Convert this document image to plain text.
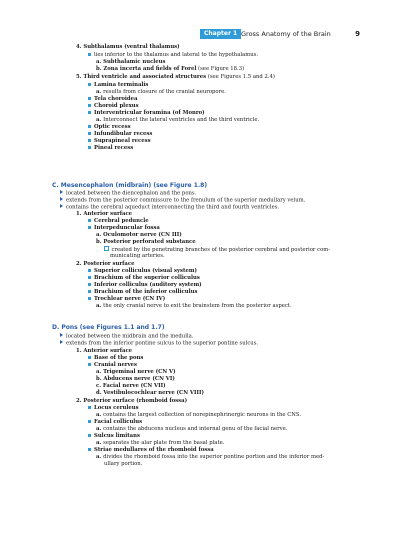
Chapter 1 Gross Anatomy of the Brain	9
4. Subthalamus (ventral thalamus)
lies inferior to the thalamus and lateral to the hypothalamus.
a. Subthalamic nucleus
b. Zona incerta and fields of Forel (see Figure 18.3)
5. Third ventricle and associated structures (see Figures 1.5 and 2.4)
Lamina terminalis
a. results from closure of the cranial neuropore.
Tela choroidea
Choroid plexus
Interventricular foramina (of Monro)
a. Interconnect the lateral ventricles and the third ventricle.
Optic recess
Infundibular recess
Suprapineal recess
Pineal recess
C. Mesencephalon (midbrain) (see Figure 1.8)
located between the diencephalon and the pons.
extends from the posterior commissure to the frenulum of the superior medullary velum.
contains the cerebral aqueduct interconnecting the third and fourth ventricles.
1. Anterior surface
Cerebral peduncle
Interpeduncular fossa
a. Oculomotor nerve (CN III)
b. Posterior perforated substance
created by the penetrating branches of the posterior cerebral and posterior com-
municating arteries.
2. Posterior surface
Superior colliculus (visual system)
Brachium of the superior colliculus
Inferior colliculus (auditory system)
Brachium of the inferior colliculus
Trochlear nerve (CN IV)
a. the only cranial nerve to exit the brainstem from the posterior aspect.
D. Pons (see Figures 1.1 and 1.7)
located between the midbrain and the medulla.
extends from the inferior pontine sulcus to the superior pontine sulcus.
1. Anterior surface
Base of the pons
Cranial nerves
a. Trigeminal nerve (CN V)
b. Abducens nerve (CN VI)
c. Facial nerve (CN VII)
d. Vestibulocochlear nerve (CN VIII)
2. Posterior surface (rhomboid fossa)
Locus ceruleus
a. contains the largest collection of norepinephrinergic neurons in the CNS.
Facial colliculus
a. contains the abducens nucleus and internal genu of the facial nerve.
Sulcus limitans
a. separates the alar plate from the basal plate.
Striae medullares of the rhomboid fossa
a. divides the rhomboid fossa into the superior pontine portion and the inferior med-
ullary portion.
